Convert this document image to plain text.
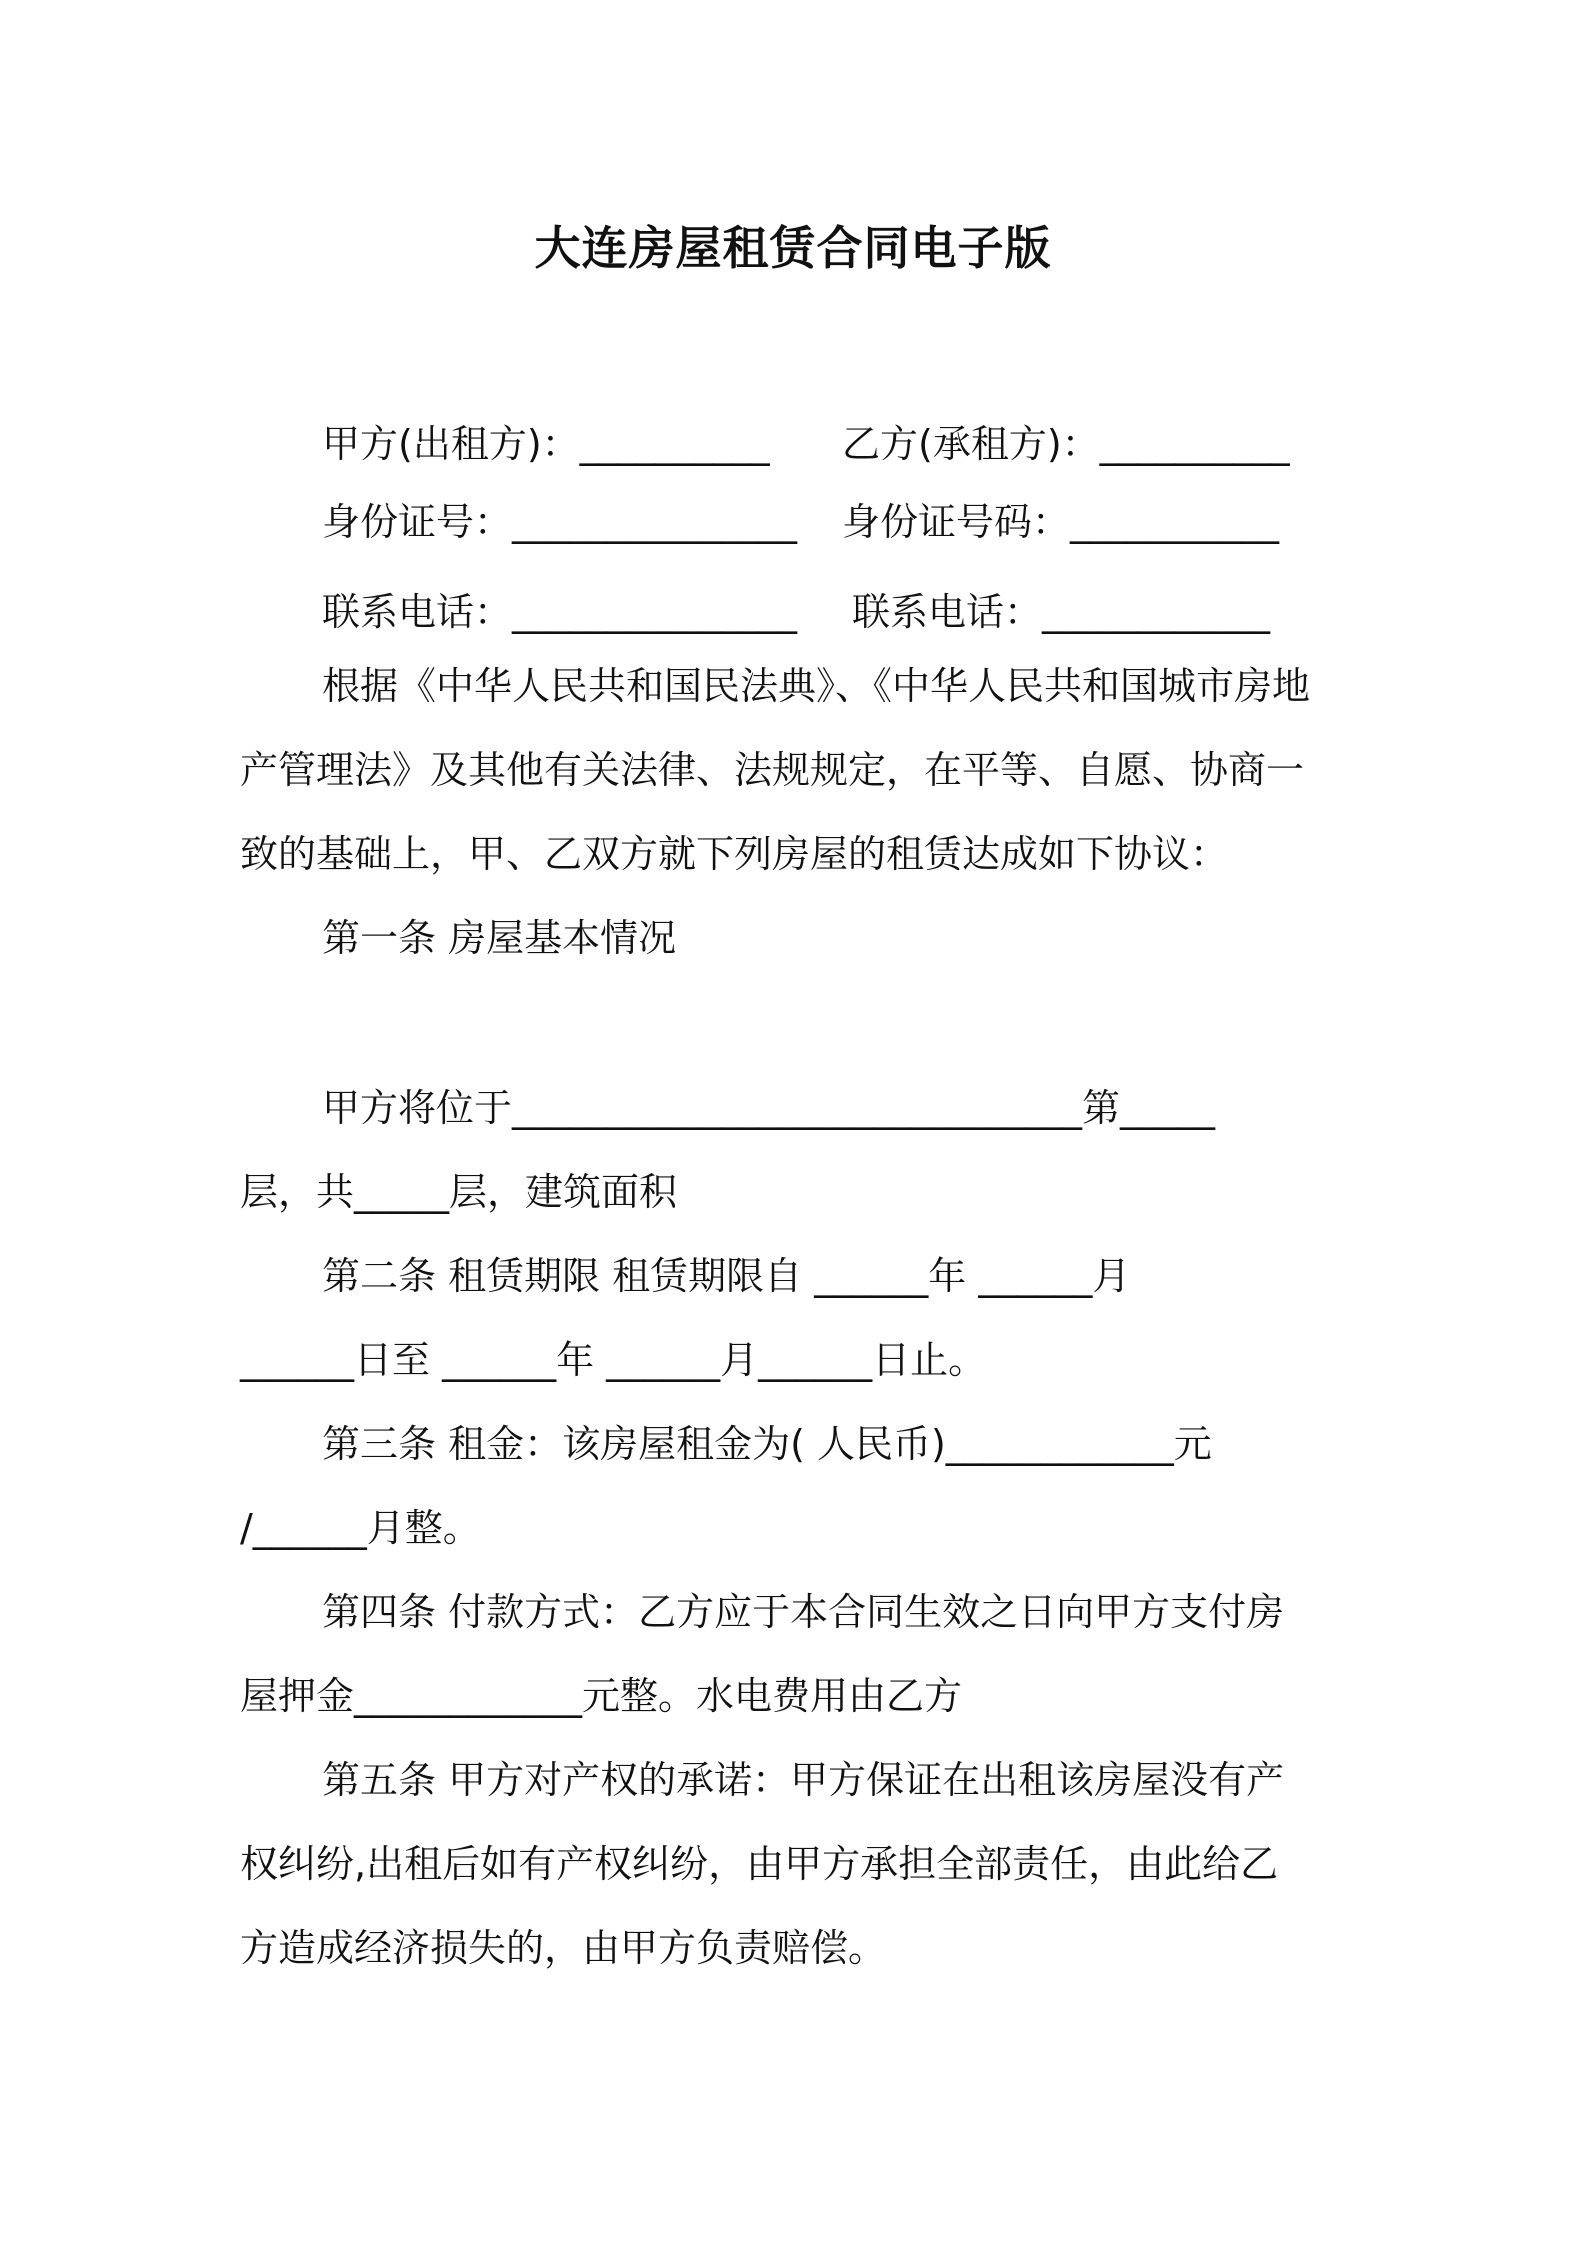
大连房屋租赁合同电子版
甲方(出租方)：__________ 乙方(承租方)：__________
身份证号：_______________ 身份证号码：___________
联系电话：_______________ 联系电话：____________
根据《中华人民共和国民法典》、《中华人民共和国城市房地
产管理法》及其他有关法律、法规规定，在平等、自愿、协商一
致的基础上，甲、乙双方就下列房屋的租赁达成如下协议：
第一条 房屋基本情况
甲方将位于______________________________第_____
层，共_____层，建筑面积
第二条 租赁期限 租赁期限自 ______年 ______月
______日至 ______年 ______月______日止。
第三条 租金：该房屋租金为( 人民币)____________元
/______月整。
第四条 付款方式：乙方应于本合同生效之日向甲方支付房
屋押金____________元整。水电费用由乙方
第五条 甲方对产权的承诺：甲方保证在出租该房屋没有产
权纠纷,出租后如有产权纠纷，由甲方承担全部责任，由此给乙
方造成经济损失的，由甲方负责赔偿。
